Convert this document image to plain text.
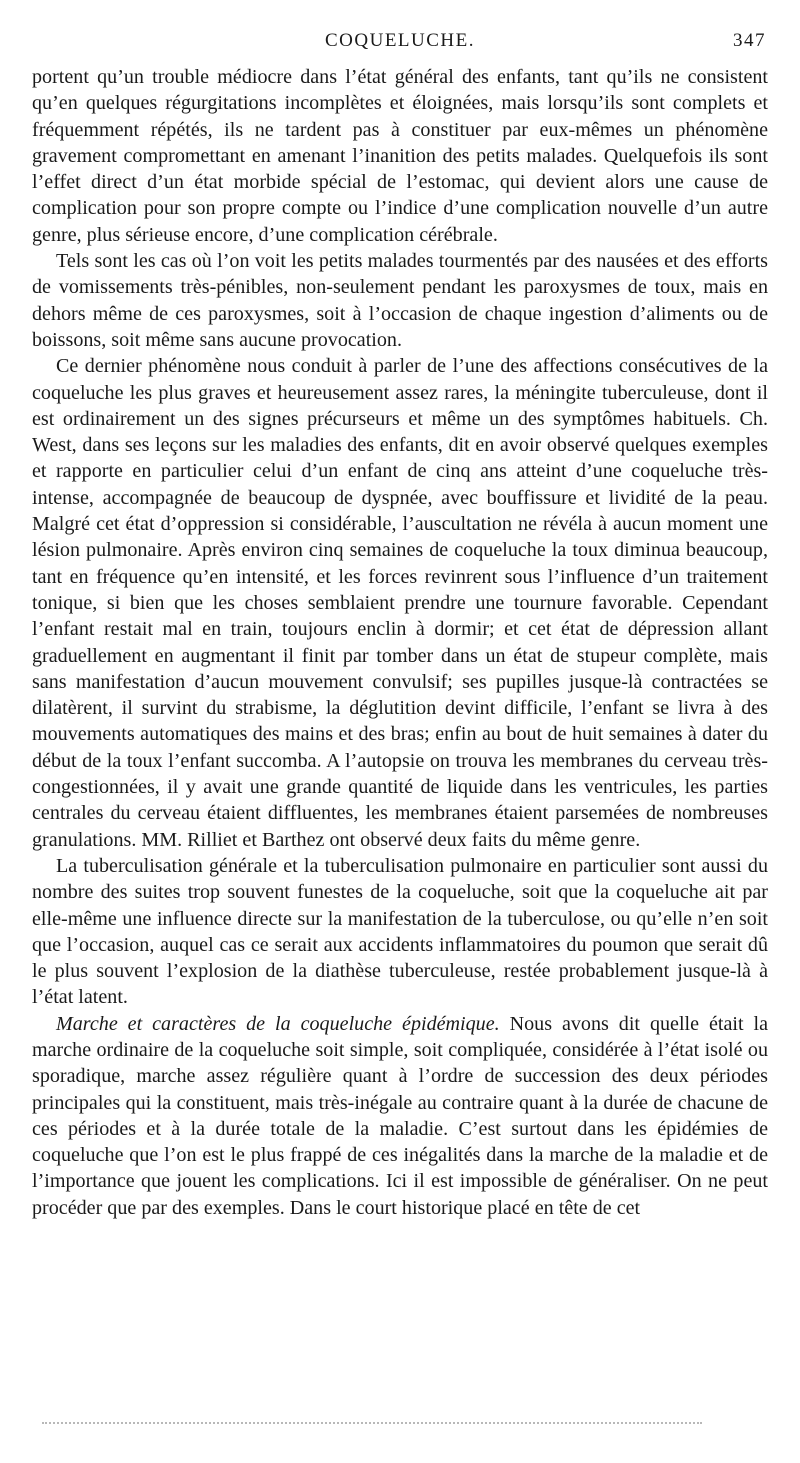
COQUELUCHE.	347

portent qu’un trouble médiocre dans l’état général des enfants, tant qu’ils ne consistent qu’en quelques régurgitations incomplètes et éloignées, mais lorsqu’ils sont complets et fréquemment répétés, ils ne tardent pas à constituer par eux-mêmes un phénomène gravement compromettant en amenant l’inanition des petits malades. Quelquefois ils sont l’effet direct d’un état morbide spécial de l’estomac, qui devient alors une cause de complication pour son propre compte ou l’indice d’une complication nouvelle d’un autre genre, plus sérieuse encore, d’une complication cérébrale.

Tels sont les cas où l’on voit les petits malades tourmentés par des nausées et des efforts de vomissements très-pénibles, non-seulement pendant les paroxysmes de toux, mais en dehors même de ces paroxysmes, soit à l’occasion de chaque ingestion d’aliments ou de boissons, soit même sans aucune provocation.

Ce dernier phénomène nous conduit à parler de l’une des affections consécutives de la coqueluche les plus graves et heureusement assez rares, la méningite tuberculeuse, dont il est ordinairement un des signes précurseurs et même un des symptômes habituels. Ch. West, dans ses leçons sur les maladies des enfants, dit en avoir observé quelques exemples et rapporte en particulier celui d’un enfant de cinq ans atteint d’une coqueluche très-intense, accompagnée de beaucoup de dyspnée, avec bouffissure et lividité de la peau. Malgré cet état d’oppression si considérable, l’auscultation ne révéla à aucun moment une lésion pulmonaire. Après environ cinq semaines de coqueluche la toux diminua beaucoup, tant en fréquence qu’en intensité, et les forces revinrent sous l’influence d’un traitement tonique, si bien que les choses semblaient prendre une tournure favorable. Cependant l’enfant restait mal en train, toujours enclin à dormir; et cet état de dépression allant graduellement en augmentant il finit par tomber dans un état de stupeur complète, mais sans manifestation d’aucun mouvement convulsif; ses pupilles jusque-là contractées se dilatèrent, il survint du strabisme, la déglutition devint difficile, l’enfant se livra à des mouvements automatiques des mains et des bras; enfin au bout de huit semaines à dater du début de la toux l’enfant succomba. A l’autopsie on trouva les membranes du cerveau très-congestionnées, il y avait une grande quantité de liquide dans les ventricules, les parties centrales du cerveau étaient diffluentes, les membranes étaient parsemées de nombreuses granulations. MM. Rilliet et Barthez ont observé deux faits du même genre.

La tuberculisation générale et la tuberculisation pulmonaire en particulier sont aussi du nombre des suites trop souvent funestes de la coqueluche, soit que la coqueluche ait par elle-même une influence directe sur la manifestation de la tuberculose, ou qu’elle n’en soit que l’occasion, auquel cas ce serait aux accidents inflammatoires du poumon que serait dû le plus souvent l’explosion de la diathèse tuberculeuse, restée probablement jusque-là à l’état latent.

Marche et caractères de la coqueluche épidémique. Nous avons dit quelle était la marche ordinaire de la coqueluche soit simple, soit compliquée, considérée à l’état isolé ou sporadique, marche assez régulière quant à l’ordre de succession des deux périodes principales qui la constituent, mais très-inégale au contraire quant à la durée de chacune de ces périodes et à la durée totale de la maladie. C’est surtout dans les épidémies de coqueluche que l’on est le plus frappé de ces inégalités dans la marche de la maladie et de l’importance que jouent les complications. Ici il est impossible de généraliser. On ne peut procéder que par des exemples. Dans le court historique placé en tête de cet
